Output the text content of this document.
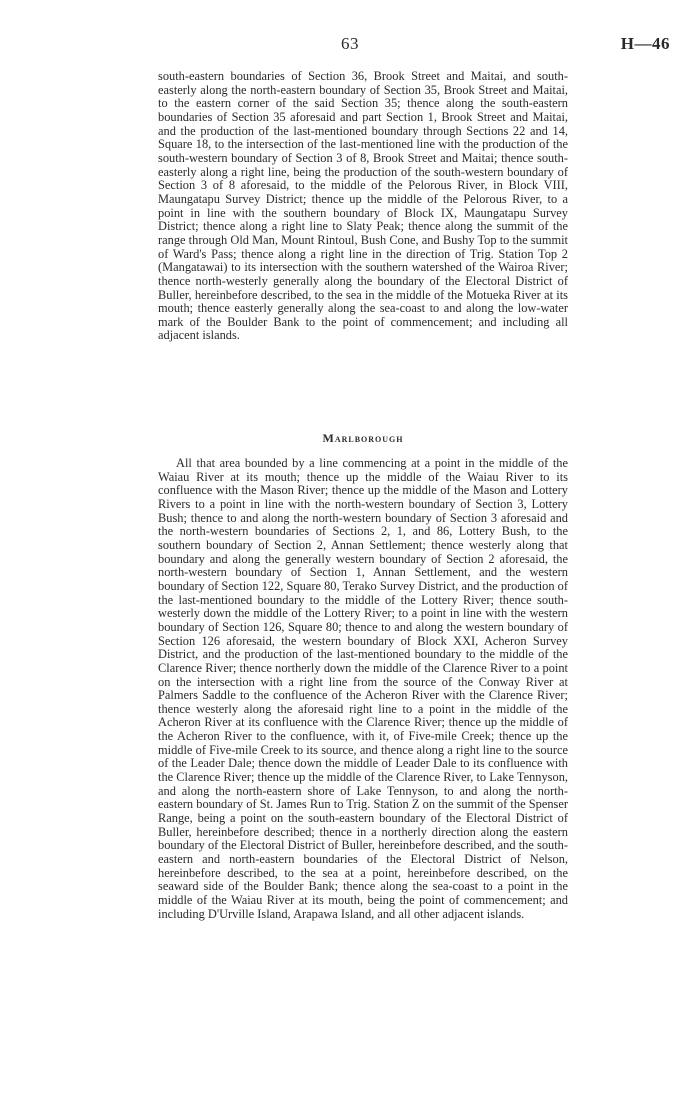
63	H—46

south-eastern boundaries of Section 36, Brook Street and Maitai, and south-easterly along the north-eastern boundary of Section 35, Brook Street and Maitai, to the eastern corner of the said Section 35; thence along the south-eastern boundaries of Section 35 aforesaid and part Section 1, Brook Street and Maitai, and the production of the last-mentioned boundary through Sections 22 and 14, Square 18, to the intersection of the last-mentioned line with the production of the south-western boundary of Section 3 of 8, Brook Street and Maitai; thence south-easterly along a right line, being the production of the south-western boundary of Section 3 of 8 aforesaid, to the middle of the Pelorous River, in Block VIII, Maungatapu Survey District; thence up the middle of the Pelorous River, to a point in line with the southern boundary of Block IX, Maungatapu Survey District; thence along a right line to Slaty Peak; thence along the summit of the range through Old Man, Mount Rintoul, Bush Cone, and Bushy Top to the summit of Ward's Pass; thence along a right line in the direction of Trig. Station Top 2 (Mangatawai) to its intersection with the southern watershed of the Wairoa River; thence north-westerly generally along the boundary of the Electoral District of Buller, hereinbefore described, to the sea in the middle of the Motueka River at its mouth; thence easterly generally along the sea-coast to and along the low-water mark of the Boulder Bank to the point of commencement; and including all adjacent islands.

Marlborough

All that area bounded by a line commencing at a point in the middle of the Waiau River at its mouth; thence up the middle of the Waiau River to its confluence with the Mason River; thence up the middle of the Mason and Lottery Rivers to a point in line with the north-western boundary of Section 3, Lottery Bush; thence to and along the north-western boundary of Section 3 aforesaid and the north-western boundaries of Sections 2, 1, and 86, Lottery Bush, to the southern boundary of Section 2, Annan Settlement; thence westerly along that boundary and along the generally western boundary of Section 2 aforesaid, the north-western boundary of Section 1, Annan Settlement, and the western boundary of Section 122, Square 80, Terako Survey District, and the production of the last-mentioned boundary to the middle of the Lottery River; thence south-westerly down the middle of the Lottery River; to a point in line with the western boundary of Section 126, Square 80; thence to and along the western boundary of Section 126 aforesaid, the western boundary of Block XXI, Acheron Survey District, and the production of the last-mentioned boundary to the middle of the Clarence River; thence northerly down the middle of the Clarence River to a point on the intersection with a right line from the source of the Conway River at Palmers Saddle to the confluence of the Acheron River with the Clarence River; thence westerly along the aforesaid right line to a point in the middle of the Acheron River at its confluence with the Clarence River; thence up the middle of the Acheron River to the confluence, with it, of Five-mile Creek; thence up the middle of Five-mile Creek to its source, and thence along a right line to the source of the Leader Dale; thence down the middle of Leader Dale to its confluence with the Clarence River; thence up the middle of the Clarence River, to Lake Tennyson, and along the north-eastern shore of Lake Tennyson, to and along the north-eastern boundary of St. James Run to Trig. Station Z on the summit of the Spenser Range, being a point on the south-eastern boundary of the Electoral District of Buller, hereinbefore described; thence in a northerly direction along the eastern boundary of the Electoral District of Buller, hereinbefore described, and the south-eastern and north-eastern boundaries of the Electoral District of Nelson, hereinbefore described, to the sea at a point, hereinbefore described, on the seaward side of the Boulder Bank; thence along the sea-coast to a point in the middle of the Waiau River at its mouth, being the point of commencement; and including D'Urville Island, Arapawa Island, and all other adjacent islands.
